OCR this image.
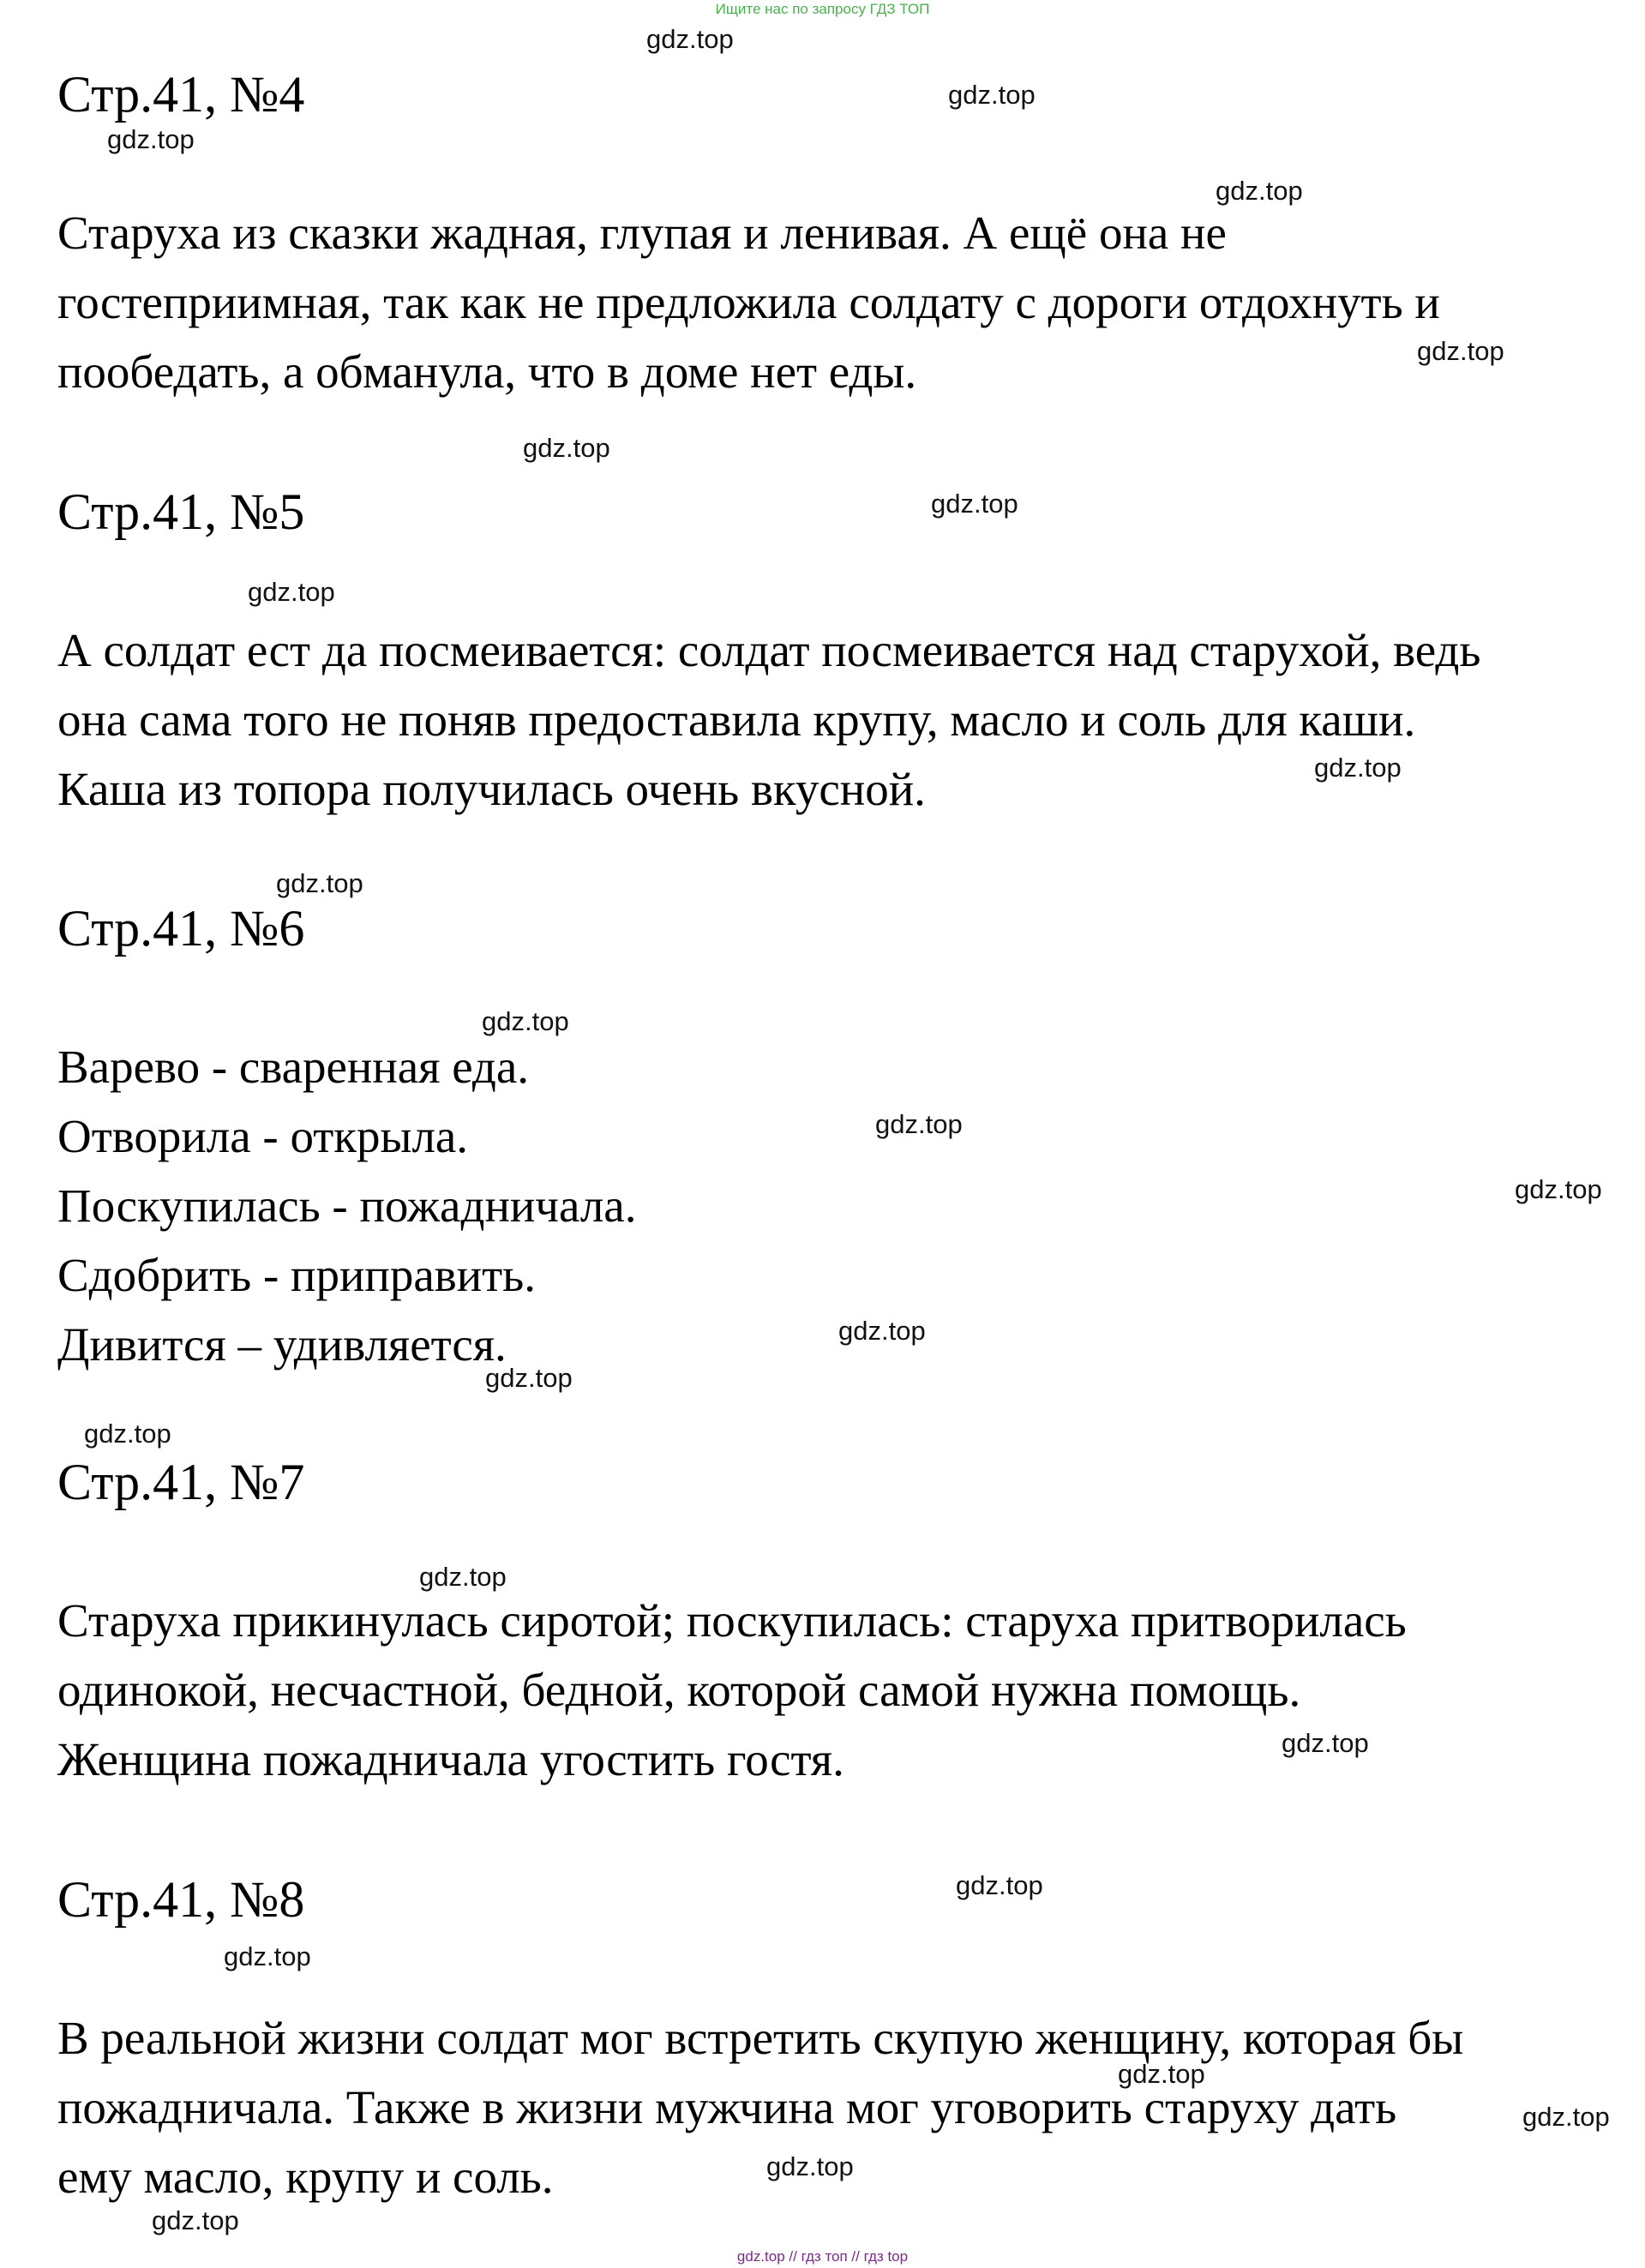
Ищите нас по запросу ГДЗ ТОП
Стр.41, №4
Старуха из сказки жадная, глупая и ленивая. А ещё она не
гостеприимная, так как не предложила солдату с дороги отдохнуть и
пообедать, а обманула, что в доме нет еды.
Стр.41, №5
А солдат ест да посмеивается: солдат посмеивается над старухой, ведь
она сама того не поняв предоставила крупу, масло и соль для каши.
Каша из топора получилась очень вкусной.
Стр.41, №6
Варево - сваренная еда.
Отворила - открыла.
Поскупилась - пожадничала.
Сдобрить - приправить.
Дивится – удивляется.
Стр.41, №7
Старуха прикинулась сиротой; поскупилась: старуха притворилась
одинокой, несчастной, бедной, которой самой нужна помощь.
Женщина пожадничала угостить гостя.
Стр.41, №8
В реальной жизни солдат мог встретить скупую женщину, которая бы
пожадничала. Также в жизни мужчина мог уговорить старуху дать
ему масло, крупу и соль.
gdz.top
gdz.top
gdz.top
gdz.top
gdz.top
gdz.top
gdz.top
gdz.top
gdz.top
gdz.top
gdz.top
gdz.top
gdz.top
gdz.top
gdz.top
gdz.top
gdz.top
gdz.top
gdz.top
gdz.top
gdz.top
gdz.top
gdz.top
gdz.top
gdz.top // гдз топ // гдз top
